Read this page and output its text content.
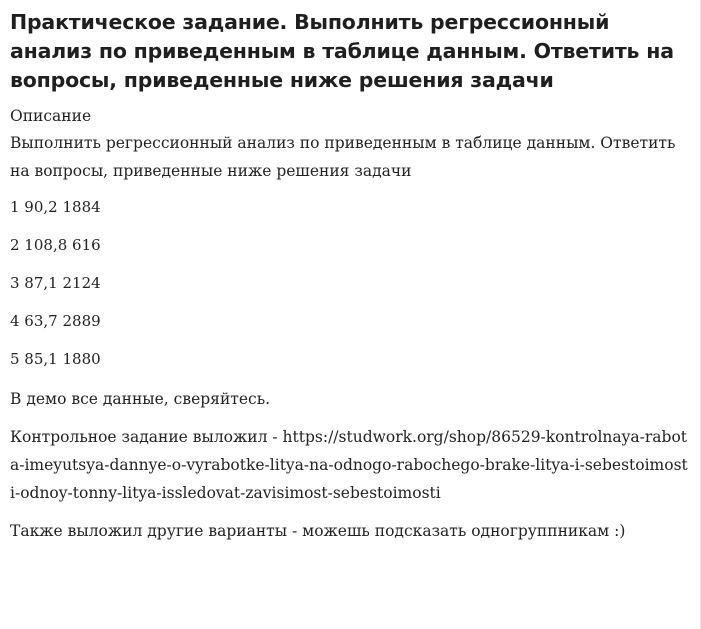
Практическое задание. Выполнить регрессионный анализ по приведенным в таблице данным. Ответить на вопросы, приведенные ниже решения задачи
Описание

Выполнить регрессионный анализ по приведенным в таблице данным. Ответить на вопросы, приведенные ниже решения задачи

1 90,2 1884
2 108,8 616
3 87,1 2124
4 63,7 2889
5 85,1 1880

В демо все данные, сверяйтесь.

Контрольное задание выложил - https://studwork.org/shop/86529-kontrolnaya-rabota-imeyutsya-dannye-o-vyrabotke-litya-na-odnogo-rabochego-brake-litya-i-sebestoimosti-odnoy-tonny-litya-issledovat-zavisimost-sebestoimosti

Также выложил другие варианты - можешь подсказать одногруппникам :)
